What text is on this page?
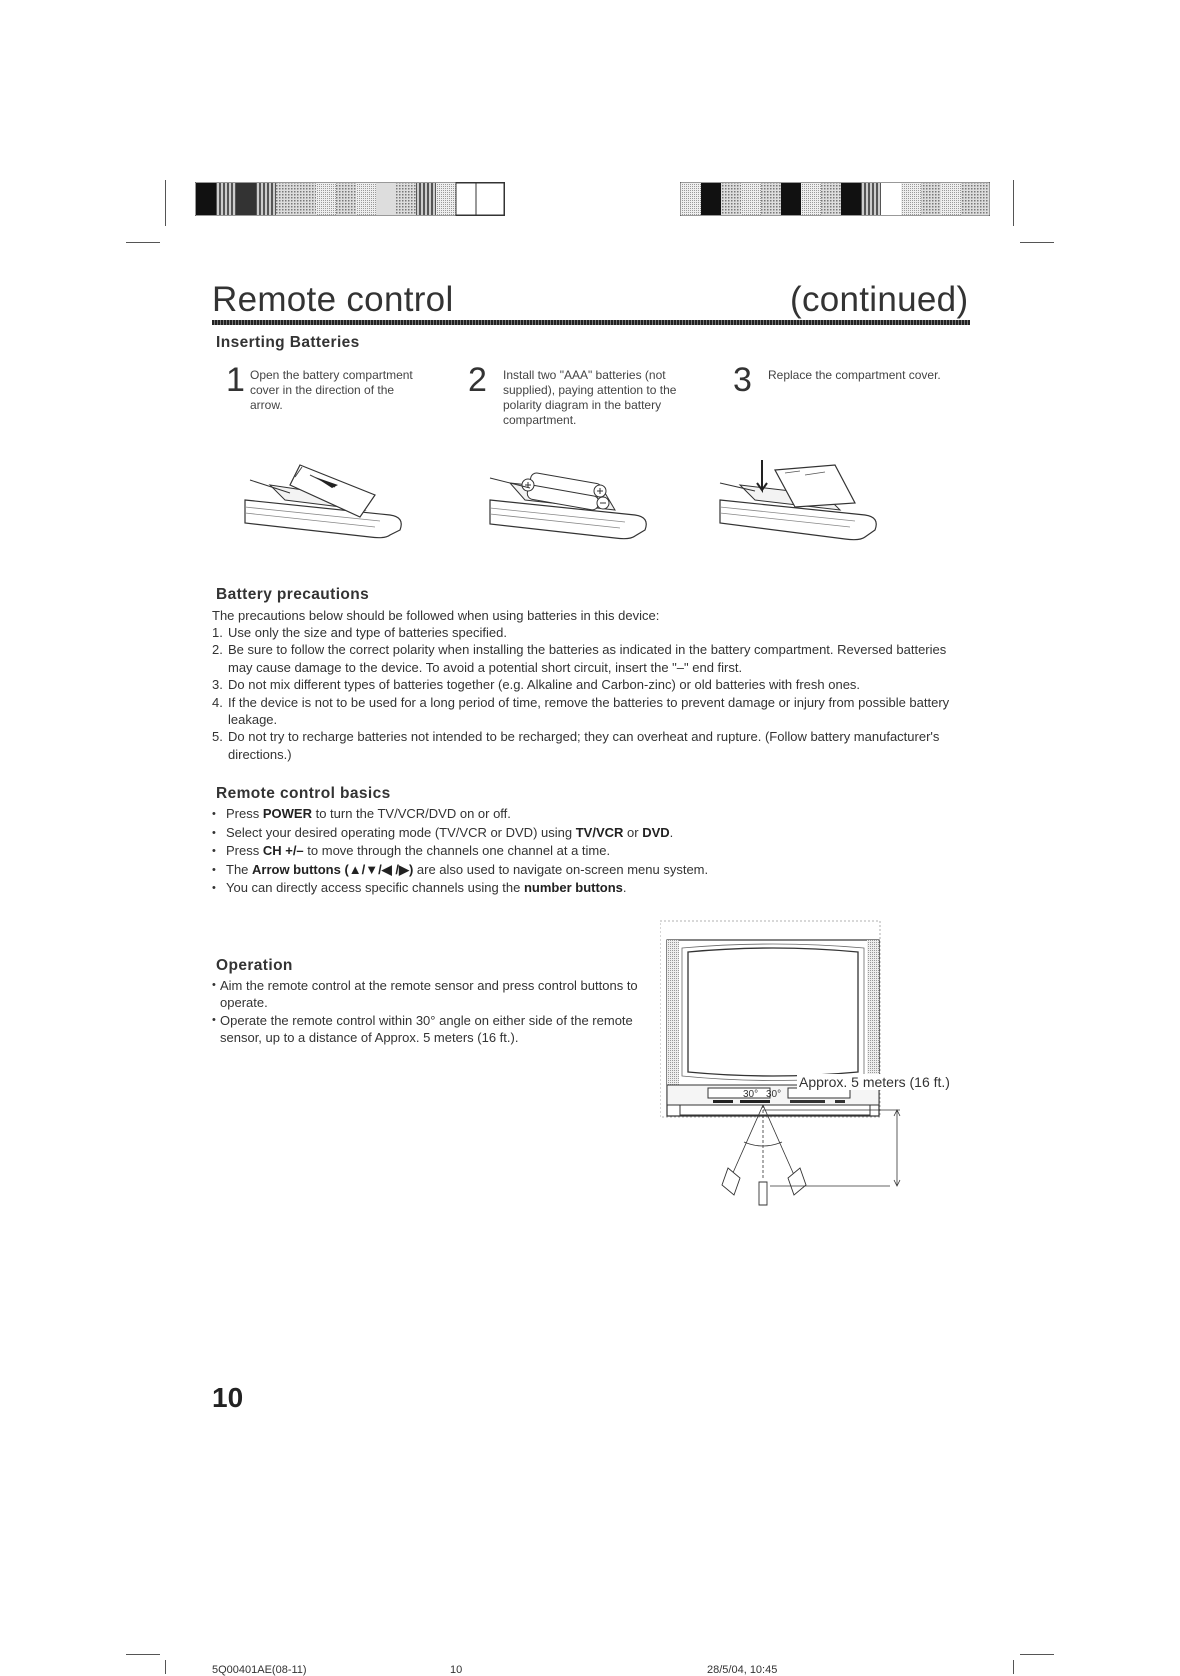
Remote control	(continued)
Inserting Batteries
1 Open the battery compartment cover in the direction of the arrow.
2 Install two "AAA" batteries (not supplied), paying attention to the polarity diagram in the battery compartment.
3 Replace the compartment cover.
Battery precautions
The precautions below should be followed when using batteries in this device:
1. Use only the size and type of batteries specified.
2. Be sure to follow the correct polarity when installing the batteries as indicated in the battery compartment. Reversed batteries may cause damage to the device. To avoid a potential short circuit, insert the "–" end first.
3. Do not mix different types of batteries together (e.g. Alkaline and Carbon-zinc) or old batteries with fresh ones.
4. If the device is not to be used for a long period of time, remove the batteries to prevent damage or injury from possible battery leakage.
5. Do not try to recharge batteries not intended to be recharged; they can overheat and rupture. (Follow battery manufacturer's directions.)
Remote control basics
• Press POWER to turn the TV/VCR/DVD on or off.
• Select your desired operating mode (TV/VCR or DVD) using TV/VCR or DVD.
• Press CH +/– to move through the channels one channel at a time.
• The Arrow buttons (▲/▼/◀ /▶) are also used to navigate on-screen menu system.
• You can directly access specific channels using the number buttons.
Operation
• Aim the remote control at the remote sensor and press control buttons to operate.
• Operate the remote control within 30° angle on either side of the remote sensor, up to a distance of Approx. 5 meters (16 ft.).
30° 30°
Approx. 5 meters (16 ft.)
10
5Q00401AE(08-11)	10	28/5/04, 10:45
